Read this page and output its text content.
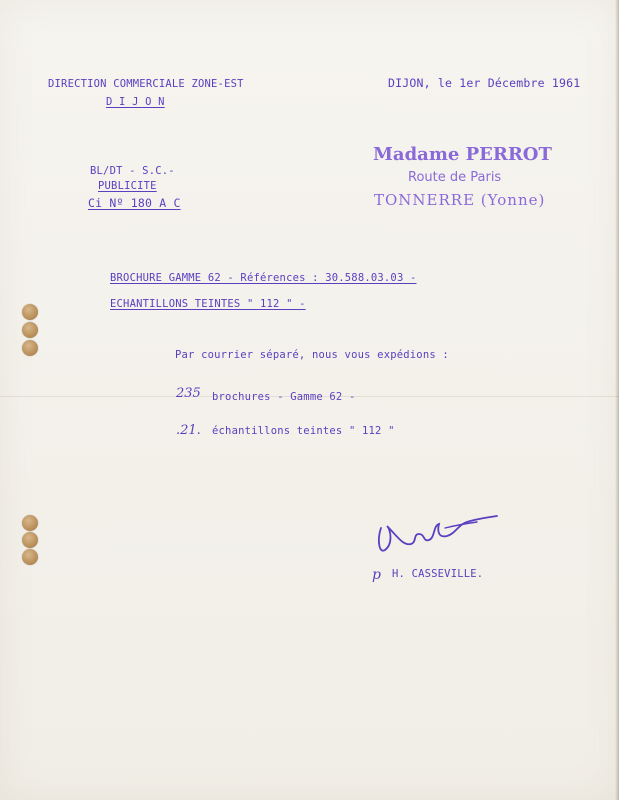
DIRECTION COMMERCIALE ZONE-EST
D I J O N
DIJON, le 1er Décembre 1961
BL/DT - S.C.-
PUBLICITE
Ci Nº 180 A C
Madame PERROT
Route de Paris
TONNERRE (Yonne)
BROCHURE GAMME 62 - Références : 30.588.03.03 -
ECHANTILLONS TEINTES " 112 " -
Par courrier séparé, nous vous expédions :
235 brochures - Gamme 62 -
.21. échantillons teintes " 112 "
p H. CASSEVILLE.
